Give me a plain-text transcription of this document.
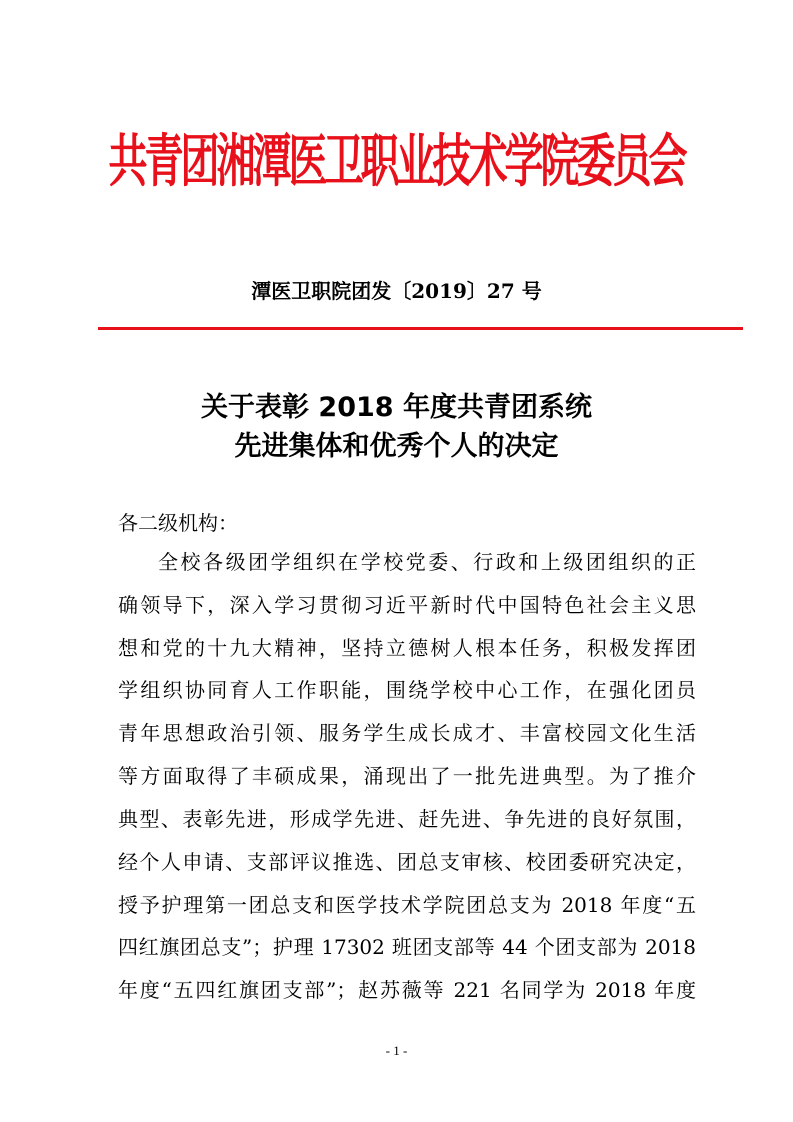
共青团湘潭医卫职业技术学院委员会
潭医卫职院团发〔2019〕27 号
关于表彰 2018 年度共青团系统
先进集体和优秀个人的决定
各二级机构：
全校各级团学组织在学校党委、行政和上级团组织的正
确领导下，深入学习贯彻习近平新时代中国特色社会主义思
想和党的十九大精神，坚持立德树人根本任务，积极发挥团
学组织协同育人工作职能，围绕学校中心工作，在强化团员
青年思想政治引领、服务学生成长成才、丰富校园文化生活
等方面取得了丰硕成果，涌现出了一批先进典型。为了推介
典型、表彰先进，形成学先进、赶先进、争先进的良好氛围，
经个人申请、支部评议推选、团总支审核、校团委研究决定，
授予护理第一团总支和医学技术学院团总支为 2018 年度“五
四红旗团总支”；护理 17302 班团支部等 44 个团支部为 2018
年度“五四红旗团支部”；赵苏薇等 221 名同学为 2018 年度
- 1 -
